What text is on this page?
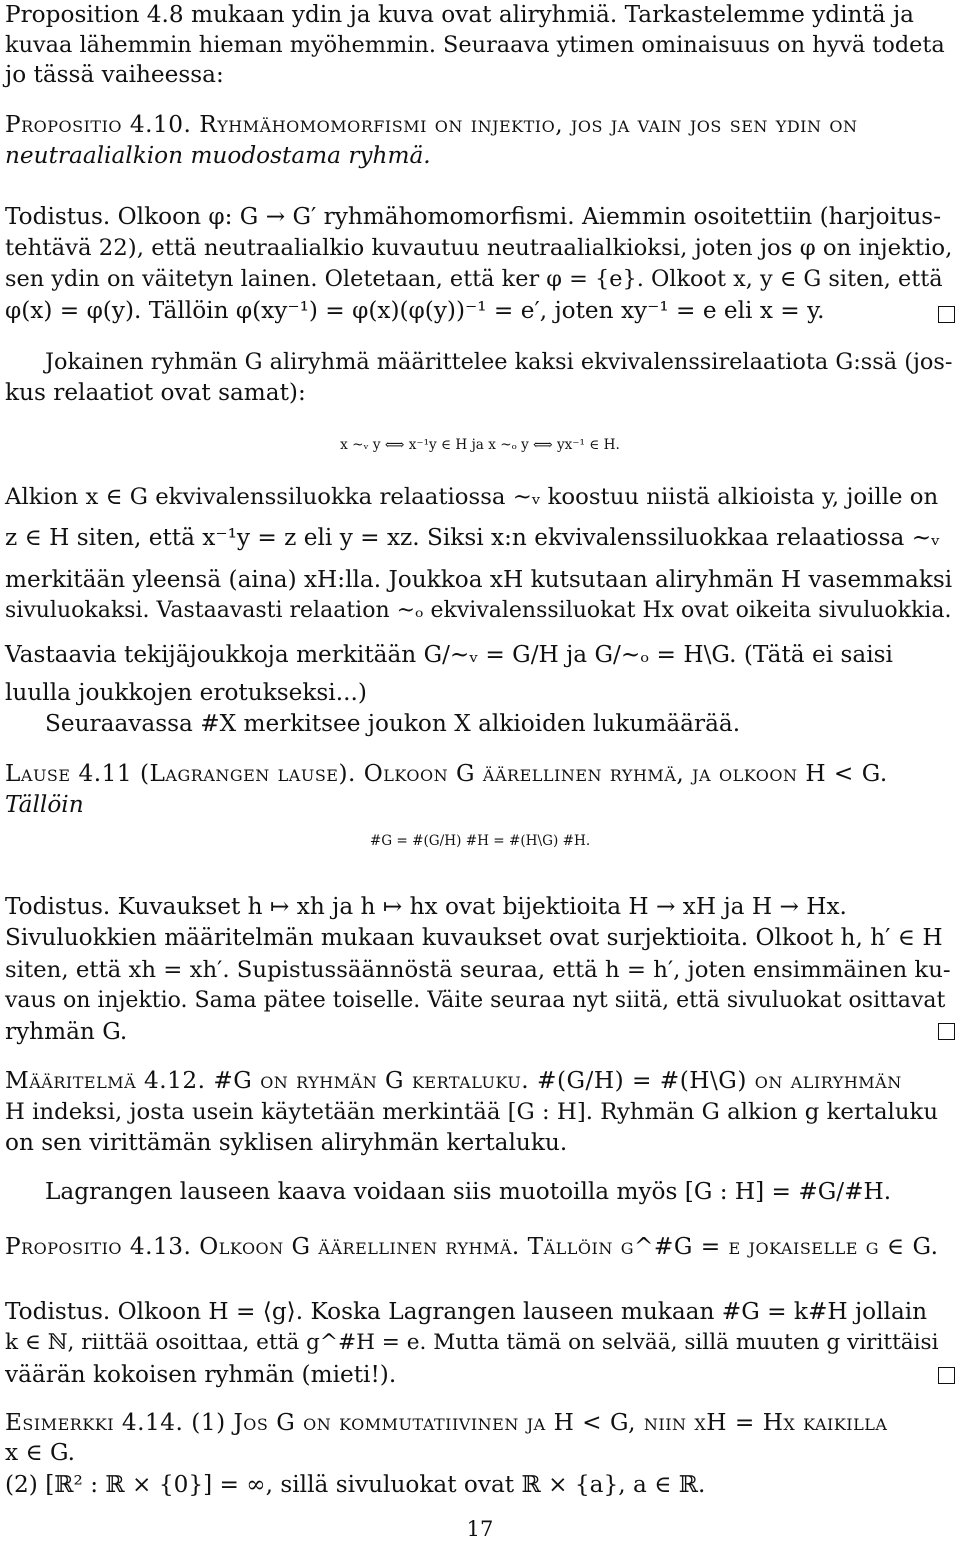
Proposition 4.8 mukaan ydin ja kuva ovat aliryhmiä. Tarkastelemme ydintä ja

kuvaa lähemmin hieman myöhemmin. Seuraava ytimen ominaisuus on hyvä todeta

jo tässä vaiheessa:

Propositio 4.10. Ryhmähomomorfismi on injektio, jos ja vain jos sen ydin on

neutraalialkion muodostama ryhmä.

Todistus. Olkoon φ: G → G′ ryhmähomomorfismi. Aiemmin osoitettiin (harjoitus-

tehtävä 22), että neutraalialkio kuvautuu neutraalialkioksi, joten jos φ on injektio,

sen ydin on väitetyn lainen. Oletetaan, että ker φ = {e}. Olkoot x, y ∈ G siten, että

φ(x) = φ(y). Tällöin φ(xy⁻¹) = φ(x)(φ(y))⁻¹ = e′, joten xy⁻¹ = e eli x = y.

Jokainen ryhmän G aliryhmä määrittelee kaksi ekvivalenssirelaatiota G:ssä (jos-

kus relaatiot ovat samat):

x ~ᵥ y ⟺ x⁻¹y ∈ H ja x ~ₒ y ⟺ yx⁻¹ ∈ H.

Alkion x ∈ G ekvivalenssiluokka relaatiossa ~ᵥ koostuu niistä alkioista y, joille on

z ∈ H siten, että x⁻¹y = z eli y = xz. Siksi x:n ekvivalenssiluokkaa relaatiossa ~ᵥ

merkitään yleensä (aina) xH:lla. Joukkoa xH kutsutaan aliryhmän H vasemmaksi

sivuluokaksi. Vastaavasti relaation ~ₒ ekvivalenssiluokat Hx ovat oikeita sivuluokkia.

Vastaavia tekijäjoukkoja merkitään G/~ᵥ = G/H ja G/~ₒ = H\G. (Tätä ei saisi

luulla joukkojen erotukseksi...)

Seuraavassa #X merkitsee joukon X alkioiden lukumäärää.

Lause 4.11 (Lagrangen lause). Olkoon G äärellinen ryhmä, ja olkoon H < G.

Tällöin

#G = #(G/H) #H = #(H\G) #H.

Todistus. Kuvaukset h ↦ xh ja h ↦ hx ovat bijektioita H → xH ja H → Hx.

Sivuluokkien määritelmän mukaan kuvaukset ovat surjektioita. Olkoot h, h′ ∈ H

siten, että xh = xh′. Supistussäännöstä seuraa, että h = h′, joten ensimmäinen ku-

vaus on injektio. Sama pätee toiselle. Väite seuraa nyt siitä, että sivuluokat osittavat

ryhmän G.

Määritelmä 4.12. #G on ryhmän G kertaluku. #(G/H) = #(H\G) on aliryhmän

H indeksi, josta usein käytetään merkintää [G : H]. Ryhmän G alkion g kertaluku

on sen virittämän syklisen aliryhmän kertaluku.

Lagrangen lauseen kaava voidaan siis muotoilla myös [G : H] = #G/#H.

Propositio 4.13. Olkoon G äärellinen ryhmä. Tällöin g^#G = e jokaiselle g ∈ G.

Todistus. Olkoon H = ⟨g⟩. Koska Lagrangen lauseen mukaan #G = k#H jollain

k ∈ ℕ, riittää osoittaa, että g^#H = e. Mutta tämä on selvää, sillä muuten g virittäisi

väärän kokoisen ryhmän (mieti!).

Esimerkki 4.14. (1) Jos G on kommutatiivinen ja H < G, niin xH = Hx kaikilla

x ∈ G.

(2) [ℝ² : ℝ × {0}] = ∞, sillä sivuluokat ovat ℝ × {a}, a ∈ ℝ.

17
